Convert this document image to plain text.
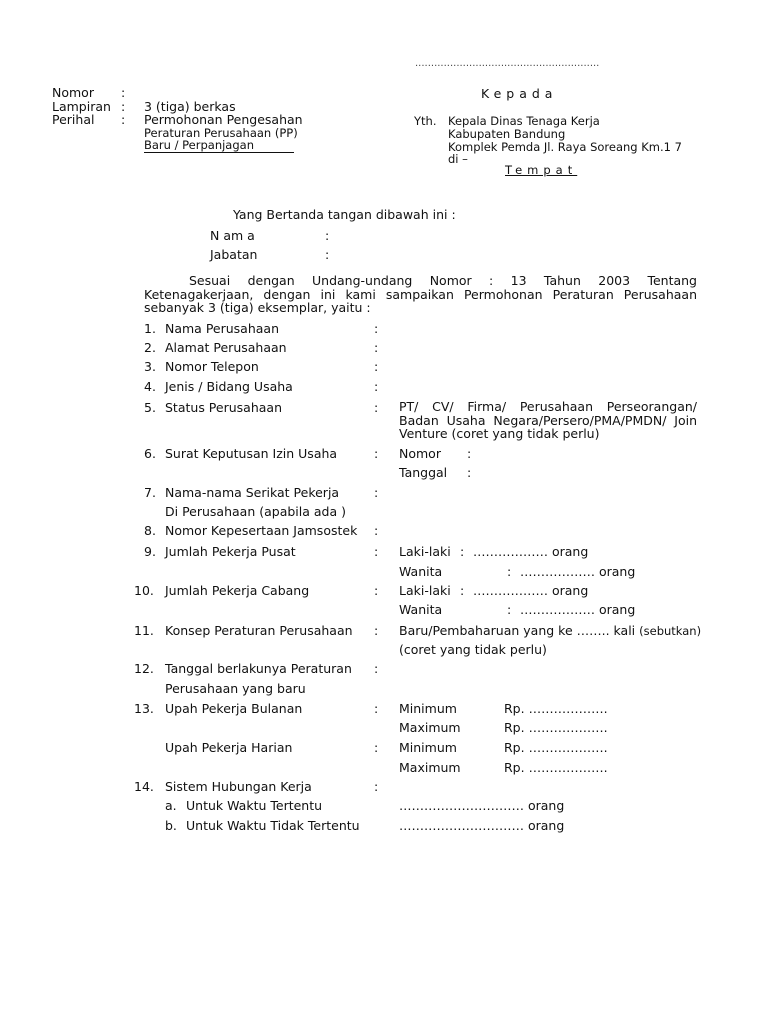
..........................................................
Nomor :
Lampiran : 3 (tiga) berkas
Perihal : Permohonan Pengesahan
Peraturan Perusahaan (PP)
Baru / Perpanjagan
Kepada
Yth. Kepala Dinas Tenaga Kerja
Kabupaten Bandung
Komplek Pemda Jl. Raya Soreang Km.1 7
di –
Tempat
Yang Bertanda tangan dibawah ini :
N am a	:
Jabatan	:
Sesuai dengan Undang-undang Nomor : 13 Tahun 2003 Tentang Ketenagakerjaan, dengan ini kami sampaikan Permohonan Peraturan Perusahaan sebanyak 3 (tiga) eksemplar, yaitu :
1. Nama Perusahaan	:
2. Alamat Perusahaan	:
3. Nomor Telepon	:
4. Jenis / Bidang Usaha	:
5. Status Perusahaan	: PT/ CV/ Firma/ Perusahaan Perseorangan/ Badan Usaha Negara/Persero/PMA/PMDN/ Join Venture (coret yang tidak perlu)
6. Surat Keputusan Izin Usaha	: Nomor :
Tanggal :
7. Nama-nama Serikat Pekerja	:
Di Perusahaan (apabila ada )
8. Nomor Kepesertaan Jamsostek :
9. Jumlah Pekerja Pusat	: Laki-laki : ……………… orang
Wanita	: ……………… orang
10. Jumlah Pekerja Cabang	: Laki-laki : ……………… orang
Wanita	: ……………… orang
11. Konsep Peraturan Perusahaan : Baru/Pembaharuan yang ke …….. kali (sebutkan)
(coret yang tidak perlu)
12. Tanggal berlakunya Peraturan :
Perusahaan yang baru
13. Upah Pekerja Bulanan	: Minimum	Rp. ……………….
Maximum	Rp. ……………….
Upah Pekerja Harian	: Minimum	Rp. ……………….
Maximum	Rp. ……………….
14. Sistem Hubungan Kerja	:
a. Untuk Waktu Tertentu	………………………… orang
b. Untuk Waktu Tidak Tertentu	………………………… orang
